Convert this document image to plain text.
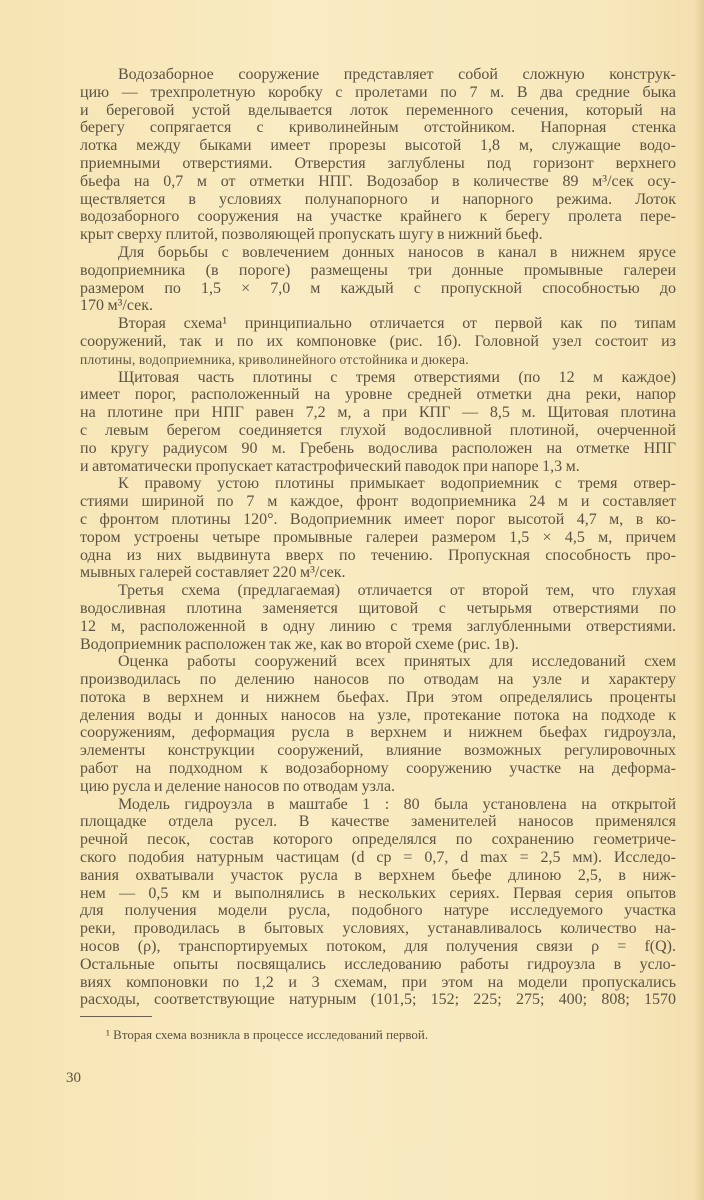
Водозаборное сооружение представляет собой сложную конструк-
цию — трехпролетную коробку с пролетами по 7 м. В два средние быка
и береговой устой вделывается лоток переменного сечения, который на
берегу сопрягается с криволинейным отстойником. Напорная стенка
лотка между быками имеет прорезы высотой 1,8 м, служащие водо-
приемными отверстиями. Отверстия заглублены под горизонт верхнего
бьефа на 0,7 м от отметки НПГ. Водозабор в количестве 89 м³/сек осу-
ществляется в условиях полунапорного и напорного режима. Лоток
водозаборного сооружения на участке крайнего к берегу пролета пере-
крыт сверху плитой, позволяющей пропускать шугу в нижний бьеф.
Для борьбы с вовлечением донных наносов в канал в нижнем ярусе
водоприемника (в пороге) размещены три донные промывные галереи
размером по 1,5 × 7,0 м каждый с пропускной способностью до
170 м³/сек.
Вторая схема¹ принципиально отличается от первой как по типам
сооружений, так и по их компоновке (рис. 1б). Головной узел состоит из
плотины, водоприемника, криволинейного отстойника и дюкера.
Щитовая часть плотины с тремя отверстиями (по 12 м каждое)
имеет порог, расположенный на уровне средней отметки дна реки, напор
на плотине при НПГ равен 7,2 м, а при КПГ — 8,5 м. Щитовая плотина
с левым берегом соединяется глухой водосливной плотиной, очерченной
по кругу радиусом 90 м. Гребень водослива расположен на отметке НПГ
и автоматически пропускает катастрофический паводок при напоре 1,3 м.
К правому устою плотины примыкает водоприемник с тремя отвер-
стиями шириной по 7 м каждое, фронт водоприемника 24 м и составляет
с фронтом плотины 120°. Водоприемник имеет порог высотой 4,7 м, в ко-
тором устроены четыре промывные галереи размером 1,5 × 4,5 м, причем
одна из них выдвинута вверх по течению. Пропускная способность про-
мывных галерей составляет 220 м³/сек.
Третья схема (предлагаемая) отличается от второй тем, что глухая
водосливная плотина заменяется щитовой с четырьмя отверстиями по
12 м, расположенной в одну линию с тремя заглубленными отверстиями.
Водоприемник расположен так же, как во второй схеме (рис. 1в).
Оценка работы сооружений всех принятых для исследований схем
производилась по делению наносов по отводам на узле и характеру
потока в верхнем и нижнем бьефах. При этом определялись проценты
деления воды и донных наносов на узле, протекание потока на подходе к
сооружениям, деформация русла в верхнем и нижнем бьефах гидроузла,
элементы конструкции сооружений, влияние возможных регулировочных
работ на подходном к водозаборному сооружению участке на деформа-
цию русла и деление наносов по отводам узла.
Модель гидроузла в маштабе 1 : 80 была установлена на открытой
площадке отдела русел. В качестве заменителей наносов применялся
речной песок, состав которого определялся по сохранению геометриче-
ского подобия натурным частицам (d ср = 0,7, d max = 2,5 мм). Исследо-
вания охватывали участок русла в верхнем бьефе длиною 2,5, в ниж-
нем — 0,5 км и выполнялись в нескольких сериях. Первая серия опытов
для получения модели русла, подобного натуре исследуемого участка
реки, проводилась в бытовых условиях, устанавливалось количество на-
носов (ρ), транспортируемых потоком, для получения связи ρ = f(Q).
Остальные опыты посвящались исследованию работы гидроузла в усло-
виях компоновки по 1,2 и 3 схемам, при этом на модели пропускались
расходы, соответствующие натурным (101,5; 152; 225; 275; 400; 808; 1570
¹ Вторая схема возникла в процессе исследований первой.
30
